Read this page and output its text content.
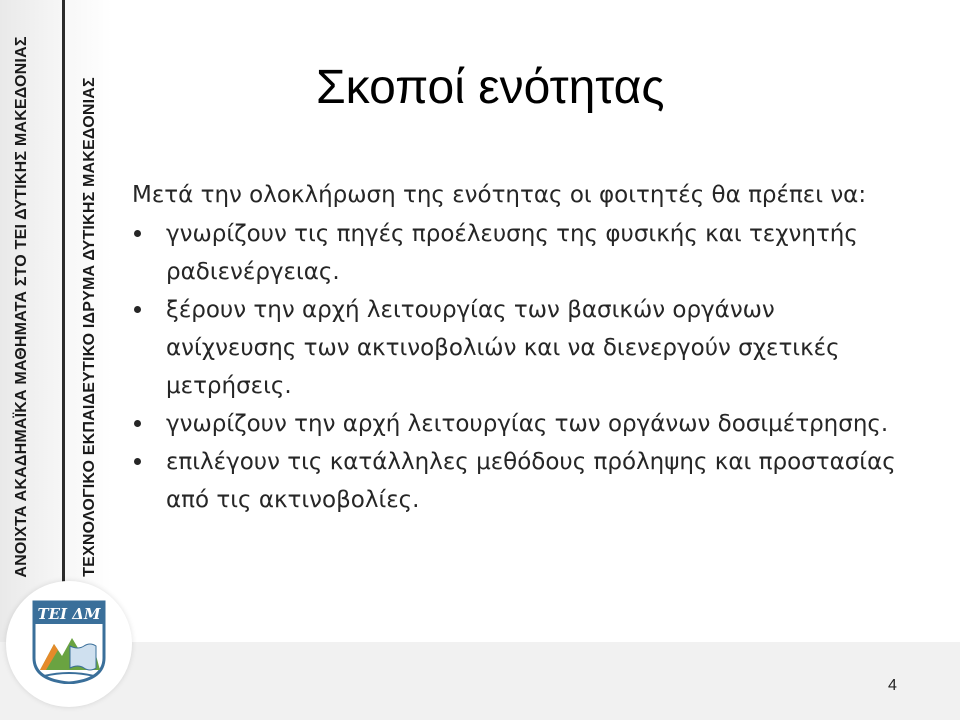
ΑΝΟΙΧΤΑ ΑΚΑΔΗΜΑΪΚΑ ΜΑΘΗΜΑΤΑ ΣΤΟ ΤΕΙ ΔΥΤΙΚΗΣ ΜΑΚΕΔΟΝΙΑΣ	ΤΕΧΝΟΛΟΓΙΚΟ ΕΚΠΑΙΔΕΥΤΙΚΟ ΙΔΡΥΜΑ ΔΥΤΙΚΗΣ ΜΑΚΕΔΟΝΙΑΣ
ΤΕΙ ΔΜ
Σκοποί ενότητας

Μετά την ολοκλήρωση της ενότητας οι φοιτητές θα πρέπει να:

γνωρίζουν τις πηγές προέλευσης της φυσικής και τεχνητής ραδιενέργειας.
ξέρουν την αρχή λειτουργίας των βασικών οργάνων ανίχνευσης των ακτινοβολιών και να διενεργούν σχετικές μετρήσεις.
γνωρίζουν την αρχή λειτουργίας των οργάνων δοσιμέτρησης.
επιλέγουν τις κατάλληλες μεθόδους πρόληψης και προστασίας από τις ακτινοβολίες.
4
